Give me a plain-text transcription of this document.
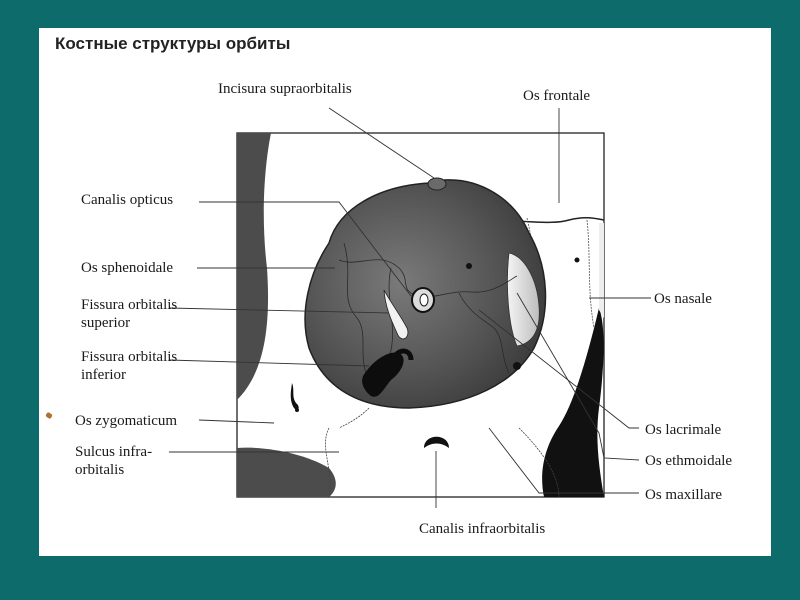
Костные структуры орбиты
Incisura supraorbitalis	Os frontale
Canalis opticus
Os sphenoidale
Fissura orbitalis
superior
Fissura orbitalis
inferior
Os nasale
Os zygomaticum
Sulcus infra-
orbitalis
Os lacrimale
Os ethmoidale
Os maxillare
Canalis infraorbitalis
